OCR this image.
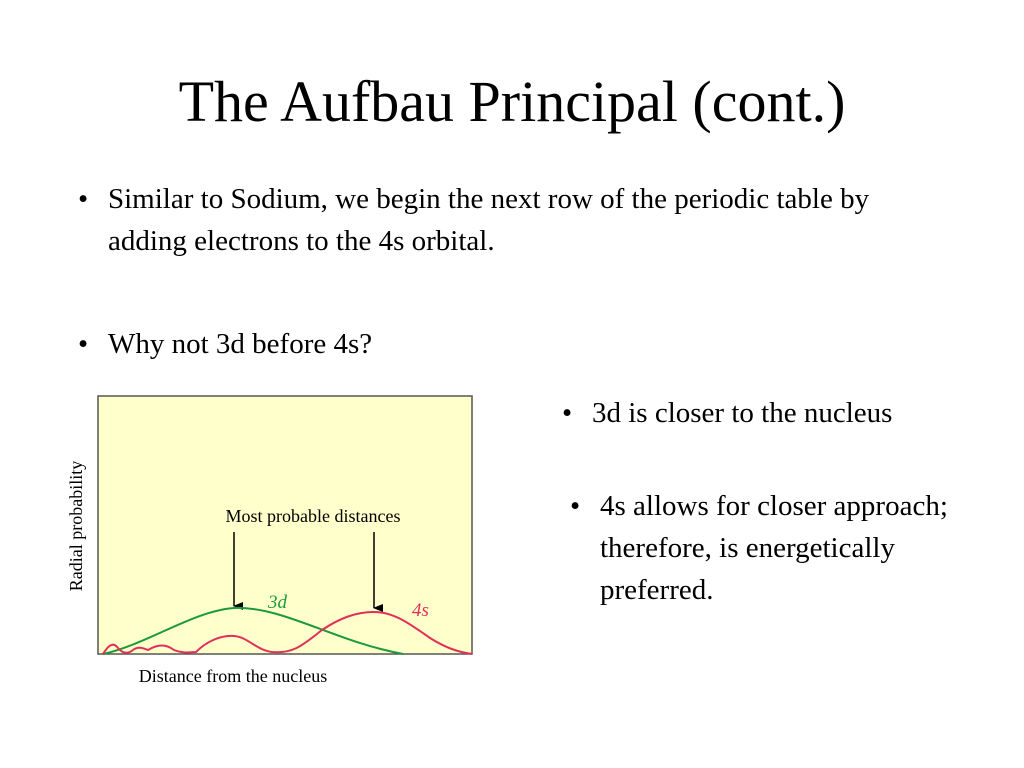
The Aufbau Principal (cont.)
• Similar to Sodium, we begin the next row of the periodic table by adding electrons to the 4s orbital.
• Why not 3d before 4s?
• 3d is closer to the nucleus
• 4s allows for closer approach; therefore, is energetically preferred.
Radial probability
Distance from the nucleus
Most probable distances
3d	4s
